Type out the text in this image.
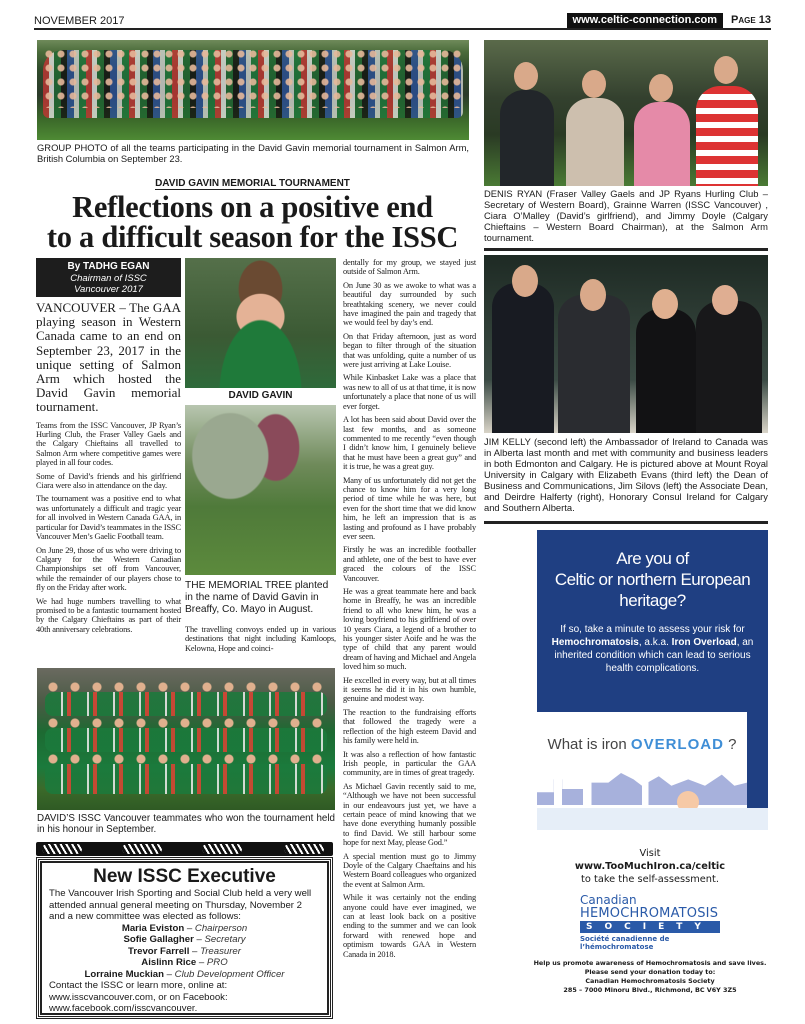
NOVEMBER 2017	www.celtic-connection.com	Page 13
GROUP PHOTO of all the teams participating in the David Gavin memorial tournament in Salmon Arm, British Columbia on September 23.
DENIS RYAN (Fraser Valley Gaels and JP Ryans Hurling Club – Secretary of Western Board), Grainne Warren (ISSC Vancouver) , Ciara O’Malley (David’s girlfriend), and Jimmy Doyle (Calgary Chieftains – Western Board Chairman), at the Salmon Arm tournament.
DAVID GAVIN MEMORIAL TOURNAMENT
Reflections on a positive end
to a difficult season for the ISSC
By TADHG EGAN
Chairman of ISSC
Vancouver 2017

VANCOUVER – The GAA playing season in Western Canada came to an end on September 23, 2017 in the unique setting of Salmon Arm which hosted the David Gavin memorial tournament.

Teams from the ISSC Vancouver, JP Ryan’s Hurling Club, the Fraser Valley Gaels and the Calgary Chieftains all travelled to Salmon Arm where competitive games were played in all four codes.

Some of David’s friends and his girlfriend Ciara were also in attendance on the day.

The tournament was a positive end to what was unfortunately a difficult and tragic year for all involved in Western Canada GAA, in particular for David’s teammates in the ISSC Vancouver Men’s Gaelic Football team.

On June 29, those of us who were driving to Calgary for the Western Canadian Championships set off from Vancouver, while the remainder of our players chose to fly on the Friday after work.

We had huge numbers travelling to what promised to be a fantastic tournament hosted by the Calgary Chieftains as part of their 40th anniversary celebrations.

DAVID GAVIN
THE MEMORIAL TREE planted in the name of David Gavin in Breaffy, Co. Mayo in August.

The travelling convoys ended up in various destinations that night including Kamloops, Kelowna, Hope and coinci-

DAVID’S ISSC Vancouver teammates who won the tournament held in his honour in September.
New ISSC Executive
The Vancouver Irish Sporting and Social Club held a very well attended annual general meeting on Thursday, November 2 and a new committee was elected as follows:
Maria Eviston – Chairperson
Sofie Gallagher – Secretary
Trevor Farrell – Treasurer
Aislinn Rice – PRO
Lorraine Muckian – Club Development Officer
Contact the ISSC or learn more, online at: www.isscvancouver.com, or on Facebook: www.facebook.com/isscvancouver.

dentally for my group, we stayed just outside of Salmon Arm.

On June 30 as we awoke to what was a beautiful day surrounded by such breathtaking scenery, we never could have imagined the pain and tragedy that we would feel by day’s end.

On that Friday afternoon, just as word began to filter through of the situation that was unfolding, quite a number of us were just arriving at Lake Louise.

While Kinbasket Lake was a place that was new to all of us at that time, it is now unfortunately a place that none of us will ever forget.

A lot has been said about David over the last few months, and as someone commented to me recently “even though I didn’t know him, I genuinely believe that he must have been a great guy” and it is true, he was a great guy.

Many of us unfortunately did not get the chance to know him for a very long period of time while he was here, but even for the short time that we did know him, he left an impression that is as lasting and profound as I have probably ever seen.

Firstly he was an incredible footballer and athlete, one of the best to have ever graced the colours of the ISSC Vancouver.

He was a great teammate here and back home in Breaffy, he was an incredible friend to all who knew him, he was a loving boyfriend to his girlfriend of over 10 years Ciara, a legend of a brother to his younger sister Aoife and he was the type of child that any parent would dream of having and Michael and Angela loved him so much.

He excelled in every way, but at all times it seems he did it in his own humble, genuine and modest way.

The reaction to the fundraising efforts that followed the tragedy were a reflection of the high esteem David and his family were held in.

It was also a reflection of how fantastic Irish people, in particular the GAA community, are in times of great tragedy.

As Michael Gavin recently said to me, “Although we have not been successful in our endeavours just yet, we have a certain peace of mind knowing that we have done everything humanly possible to find David. We still harbour some hope for next May, please God.”

A special mention must go to Jimmy Doyle of the Calgary Chaeftains and his Western Board colleagues who organized the event at Salmon Arm.

While it was certainly not the ending anyone could have ever imagined, we can at least look back on a positive ending to the summer and we can look forward with renewed hope and optimism towards GAA in Western Canada in 2018.

JIM KELLY (second left) the Ambassador of Ireland to Canada was in Alberta last month and met with community and business leaders in both Edmonton and Calgary. He is pictured above at Mount Royal University in Calgary with Elizabeth Evans (third left) the Dean of Business and Communications, Jim Silovs (left) the Associate Dean, and Deirdre Halferty (right), Honorary Consul Ireland for Calgary and Southern Alberta.
Are you of
Celtic or northern European
heritage?
If so, take a minute to assess your risk for
Hemochromatosis, a.k.a. Iron Overload, an inherited condition which can lead to serious health complications.
What is iron OVERLOAD ?
Visit
www.TooMuchIron.ca/celtic
to take the self-assessment.
Canadian
HEMOCHROMATOSIS
SOCIETY
Société canadienne de l’hémochromatose
Help us promote awareness of Hemochromatosis and save lives.
Please send your donation today to:
Canadian Hemochromatosis Society
285 – 7000 Minoru Blvd., Richmond, BC V6Y 3Z5
